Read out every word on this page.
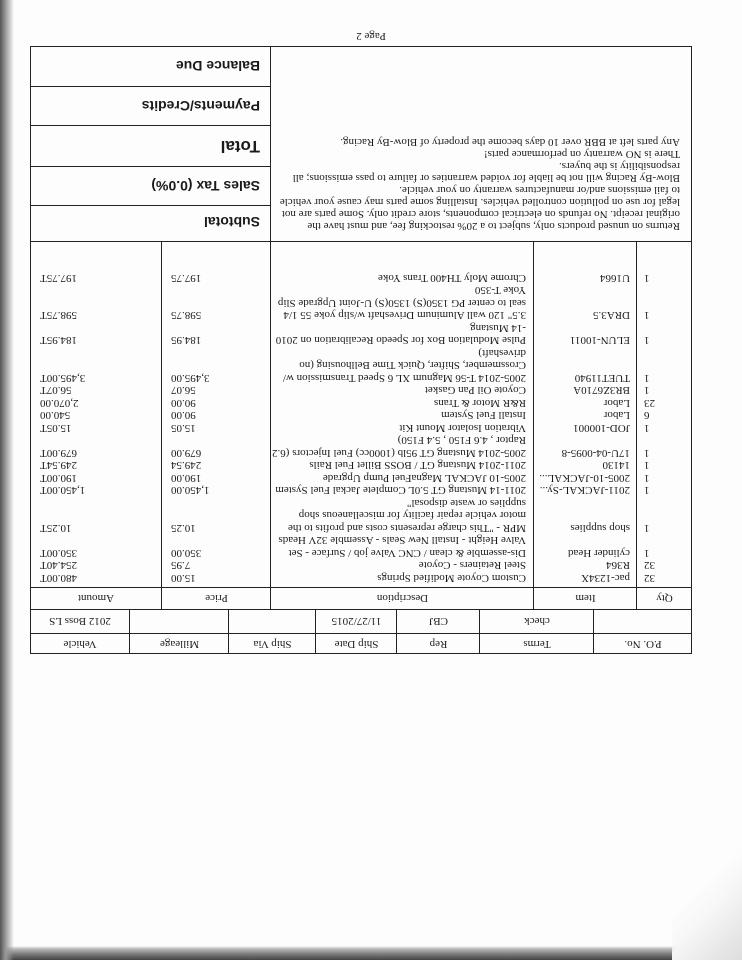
P.O. No.
Terms
Rep
Ship Date
Ship Via
Milleage
Vehicle
check
CBJ
11/27/2015
2012 Boss LS
Qty
Item
Description
Price
Amount
32
pac-1234X
Custom Coyote Modified Springs
15.00
480.00T
32
R364
Steel Retainers - Coyote
7.95
254.40T
1
cylinder Head
Dis-assemble & clean / CNC Valve job / Surface - Set
Valve Height - Install New Seals - Assemble 32V Heads
350.00
350.00T
1
shop supplies
MPR - "This charge represents costs and profits to the
motor vehicle repair facility for miscellaneous shop
supplies or waste disposal"
10.25
10.25T
1
2011-JACKAL-Sy...
2011-14 Mustang GT 5.0L Complete Jackal Fuel System
1,450.00
1,450.00T
1
2005-10-JACKAL...
2005-10 JACKAL MagnaFuel Pump Upgrade
190.00
190.00T
1
14130
2011-2014 Mustang GT / BOSS Billet Fuel Rails
249.54
249.54T
1
17U-04-0095-8
2005-2014 Mustang GT 95lb (1000cc) Fuel Injectors (6.2
Raptor , 4.6 F150 , 5.4 F150)
679.00
679.00T
1
JOD-100001
Vibration Isolator Mount Kit
15.05
15.05T
6
Labor
Install Fuel System
90.00
540.00
23
Labor
R&R Motor & Trans
90.00
2,070.00
1
BR3Z6710A
Coyote Oil Pan Gasket
56.07
56.07T
1
TUET11940
2005-2014 T-56 Magnum XL 6 Speed Transmission w/
Crossmember, Shifter, Quick Time Bellhousing (no
driveshaft)
3,495.00
3,495.00T
1
ELUN-10011
Pulse Modulation Box for Speedo Recalibration on 2010
-14 Mustang
184.95
184.95T
1
DRA3.5
3.5" 120 wall Aluminum Driveshaft w/slip yoke 55 1/4
seal to center PG 1350(S) 1350(S) U-Joint Upgrade Slip
Yoke T-350
598.75
598.75T
1
U1664
Chrome Moly TH400 Trans Yoke
197.75
197.75T
Returns on unused products only, subject to a 20% restocking fee, and must have the
original receipt. No refunds on electrical components, store credit only. Some parts are not
legal for use on pollution controlled vehicles. Installing some parts may cause your vehicle
to fail emissions and/or manufactures warranty on your vehicle.
Blow-By Racing will not be liable for voided warranties or failure to pass emissions; all
responsibility is the buyers.
There is NO warranty on performance parts!
Any parts left at BBR over 10 days become the property of Blow-By Racing.
Subtotal
Sales Tax (0.0%)
Total
Payments/Credits
Balance Due
Page 2
